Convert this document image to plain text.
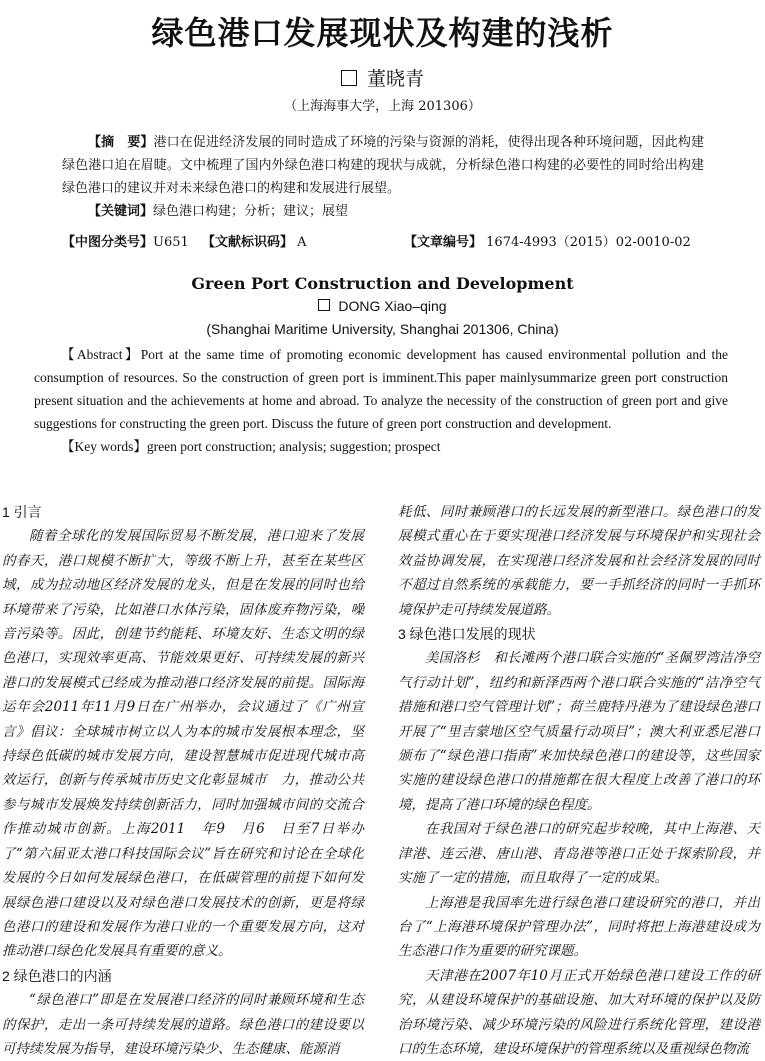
绿色港口发展现状及构建的浅析
董晓青
（上海海事大学，上海 201306）

【摘　要】港口在促进经济发展的同时造成了环境的污染与资源的消耗，使得出现各种环境问题，因此构建绿色港口迫在眉睫。文中梳理了国内外绿色港口构建的现状与成就，分析绿色港口构建的必要性的同时给出构建绿色港口的建议并对未来绿色港口的构建和发展进行展望。

【关键词】绿色港口构建；分析；建议；展望

【中图分类号】U651 【文献标识码】 A	【文章编号】 1674-4993（2015）02-0010-02
Green Port Construction and Development
DONG Xiao–qing
(Shanghai Maritime University, Shanghai 201306, China)

【Abstract】Port at the same time of promoting economic development has caused environmental pollution and the consumption of resources. So the construction of green port is imminent.This paper mainlysummarize green port construction present situation and the achievements at home and abroad. To analyze the necessity of the construction of green port and give suggestions for constructing the green port. Discuss the future of green port construction and development.

【Key words】green port construction; analysis; suggestion; prospect

1 引言

随着全球化的发展国际贸易不断发展，港口迎来了发展的春天，港口规模不断扩大，等级不断上升，甚至在某些区域，成为拉动地区经济发展的龙头，但是在发展的同时也给环境带来了污染，比如港口水体污染，固体废弃物污染，噪音污染等。因此，创建节约能耗、环境友好、生态文明的绿色港口，实现效率更高、节能效果更好、可持续发展的新兴港口的发展模式已经成为推动港口经济发展的前提。国际海运年会2011年11月9日在广州举办，会议通过了《广州宣言》倡议：全球城市树立以人为本的城市发展根本理念，坚持绿色低碳的城市发展方向，建设智慧城市促进现代城市高效运行，创新与传承城市历史文化彰显城市　力，推动公共参与城市发展焕发持续创新活力，同时加强城市间的交流合作推动城市创新。上海2011　年9　月6　日至7日举办了“第六届亚太港口科技国际会议”旨在研究和讨论在全球化发展的今日如何发展绿色港口，在低碳管理的前提下如何发展绿色港口建设以及对绿色港口发展技术的创新，更是将绿色港口的建设和发展作为港口业的一个重要发展方向，这对推动港口绿色化发展具有重要的意义。

2 绿色港口的内涵

“绿色港口”即是在发展港口经济的同时兼顾环境和生态的保护，走出一条可持续发展的道路。绿色港口的建设要以可持续发展为指导，建设环境污染少、生态健康、能源消

耗低、同时兼顾港口的长远发展的新型港口。绿色港口的发展模式重心在于要实现港口经济发展与环境保护和实现社会效益协调发展，在实现港口经济发展和社会经济发展的同时不超过自然系统的承载能力，要一手抓经济的同时一手抓环境保护走可持续发展道路。

3 绿色港口发展的现状

美国洛杉　和长滩两个港口联合实施的“圣佩罗湾洁净空气行动计划”，纽约和新泽西两个港口联合实施的“洁净空气措施和港口空气管理计划”；荷兰鹿特丹港为了建设绿色港口开展了“里吉蒙地区空气质量行动项目”；澳大利亚悉尼港口颁布了“绿色港口指南”来加快绿色港口的建设等，这些国家实施的建设绿色港口的措施都在很大程度上改善了港口的环境，提高了港口环境的绿色程度。

在我国对于绿色港口的研究起步较晚，其中上海港、天津港、连云港、唐山港、青岛港等港口正处于探索阶段，并实施了一定的措施，而且取得了一定的成果。

上海港是我国率先进行绿色港口建设研究的港口，并出台了“上海港环境保护管理办法”，同时将把上海港建设成为生态港口作为重要的研究课题。

天津港在2007年10月正式开始绿色港口建设工作的研究，从建设环境保护的基础设施、加大对环境的保护以及防治环境污染、减少环境污染的风险进行系统化管理，建设港口的生态环境，建设环境保护的管理系统以及重视绿色物流
